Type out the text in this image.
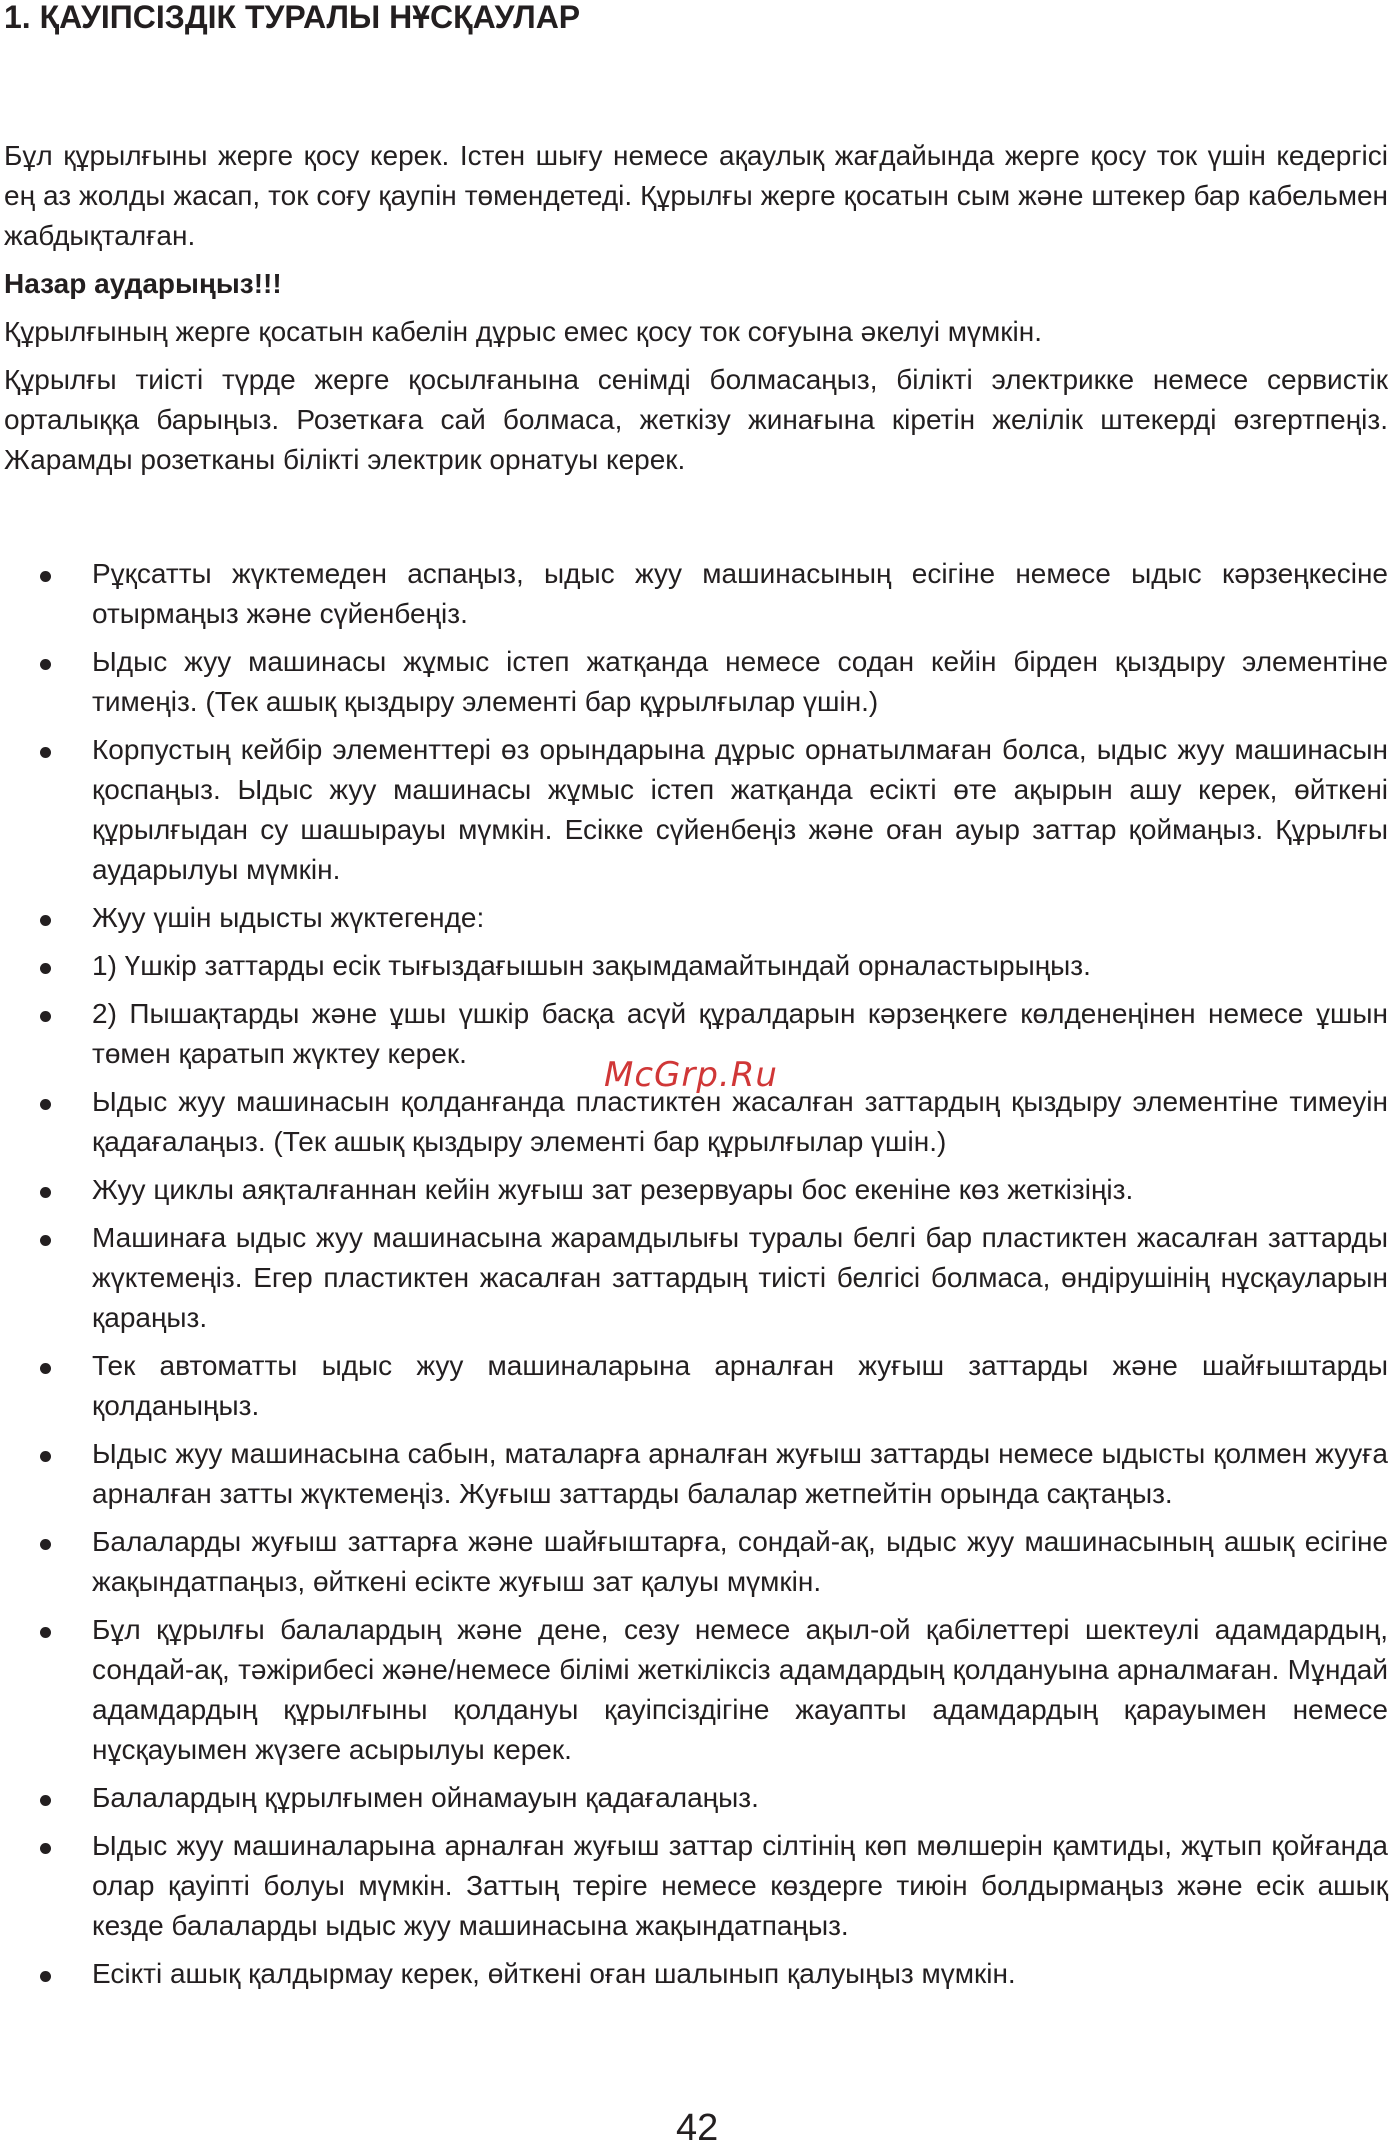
1. ҚАУІПСІЗДІК ТУРАЛЫ НҰСҚАУЛАР

Бұл құрылғыны жерге қосу керек. Істен шығу немесе ақаулық жағдайында жерге қосу ток үшін кедергісі ең аз жолды жасап, ток соғу қаупін төмендетеді. Құрылғы жерге қосатын сым және штекер бар кабельмен жабдықталған.

Назар аударыңыз!!!

Құрылғының жерге қосатын кабелін дұрыс емес қосу ток соғуына әкелуі мүмкін.

Құрылғы тиісті түрде жерге қосылғанына сенімді болмасаңыз, білікті электрикке немесе сервистік орталыққа барыңыз. Розеткаға сай болмаса, жеткізу жинағына кіретін желілік штекерді өзгертпеңіз. Жарамды розетканы білікті электрик орнатуы керек.

Рұқсатты жүктемеден аспаңыз, ыдыс жуу машинасының есігіне немесе ыдыс кәрзеңкесіне отырмаңыз және сүйенбеңіз.
Ыдыс жуу машинасы жұмыс істеп жатқанда немесе содан кейін бірден қыздыру элементіне тимеңіз. (Тек ашық қыздыру элементі бар құрылғылар үшін.)
Корпустың кейбір элементтері өз орындарына дұрыс орнатылмаған болса, ыдыс жуу машинасын қоспаңыз. Ыдыс жуу машинасы жұмыс істеп жатқанда есікті өте ақырын ашу керек, өйткені құрылғыдан су шашырауы мүмкін. Есікке сүйенбеңіз және оған ауыр заттар қоймаңыз. Құрылғы аударылуы мүмкін.
Жуу үшін ыдысты жүктегенде:
1) Үшкір заттарды есік тығыздағышын зақымдамайтындай орналастырыңыз.
2) Пышақтарды және ұшы үшкір басқа асүй құралдарын кәрзеңкеге көлденеңінен немесе ұшын төмен қаратып жүктеу керек.
Ыдыс жуу машинасын қолданғанда пластиктен жасалған заттардың қыздыру элементіне тимеуін қадағалаңыз. (Тек ашық қыздыру элементі бар құрылғылар үшін.)
Жуу циклы аяқталғаннан кейін жуғыш зат резервуары бос екеніне көз жеткізіңіз.
Машинаға ыдыс жуу машинасына жарамдылығы туралы белгі бар пластиктен жасалған заттарды жүктемеңіз. Егер пластиктен жасалған заттардың тиісті белгісі болмаса, өндірушінің нұсқауларын қараңыз.
Тек автоматты ыдыс жуу машиналарына арналған жуғыш заттарды және шайғыштарды қолданыңыз.
Ыдыс жуу машинасына сабын, маталарға арналған жуғыш заттарды немесе ыдысты қолмен жууға арналған затты жүктемеңіз. Жуғыш заттарды балалар жетпейтін орында сақтаңыз.
Балаларды жуғыш заттарға және шайғыштарға, сондай-ақ, ыдыс жуу машинасының ашық есігіне жақындатпаңыз, өйткені есікте жуғыш зат қалуы мүмкін.
Бұл құрылғы балалардың және дене, сезу немесе ақыл-ой қабілеттері шектеулі адамдардың, сондай-ақ, тәжірибесі және/немесе білімі жеткіліксіз адамдардың қолдануына арналмаған. Мұндай адамдардың құрылғыны қолдануы қауіпсіздігіне жауапты адамдардың қарауымен немесе нұсқауымен жүзеге асырылуы керек.
Балалардың құрылғымен ойнамауын қадағалаңыз.
Ыдыс жуу машиналарына арналған жуғыш заттар сілтінің көп мөлшерін қамтиды, жұтып қойғанда олар қауіпті болуы мүмкін. Заттың теріге немесе көздерге тиюін болдырмаңыз және есік ашық кезде балаларды ыдыс жуу машинасына жақындатпаңыз.
Есікті ашық қалдырмау керек, өйткені оған шалынып қалуыңыз мүмкін.
McGrp.Ru
42
